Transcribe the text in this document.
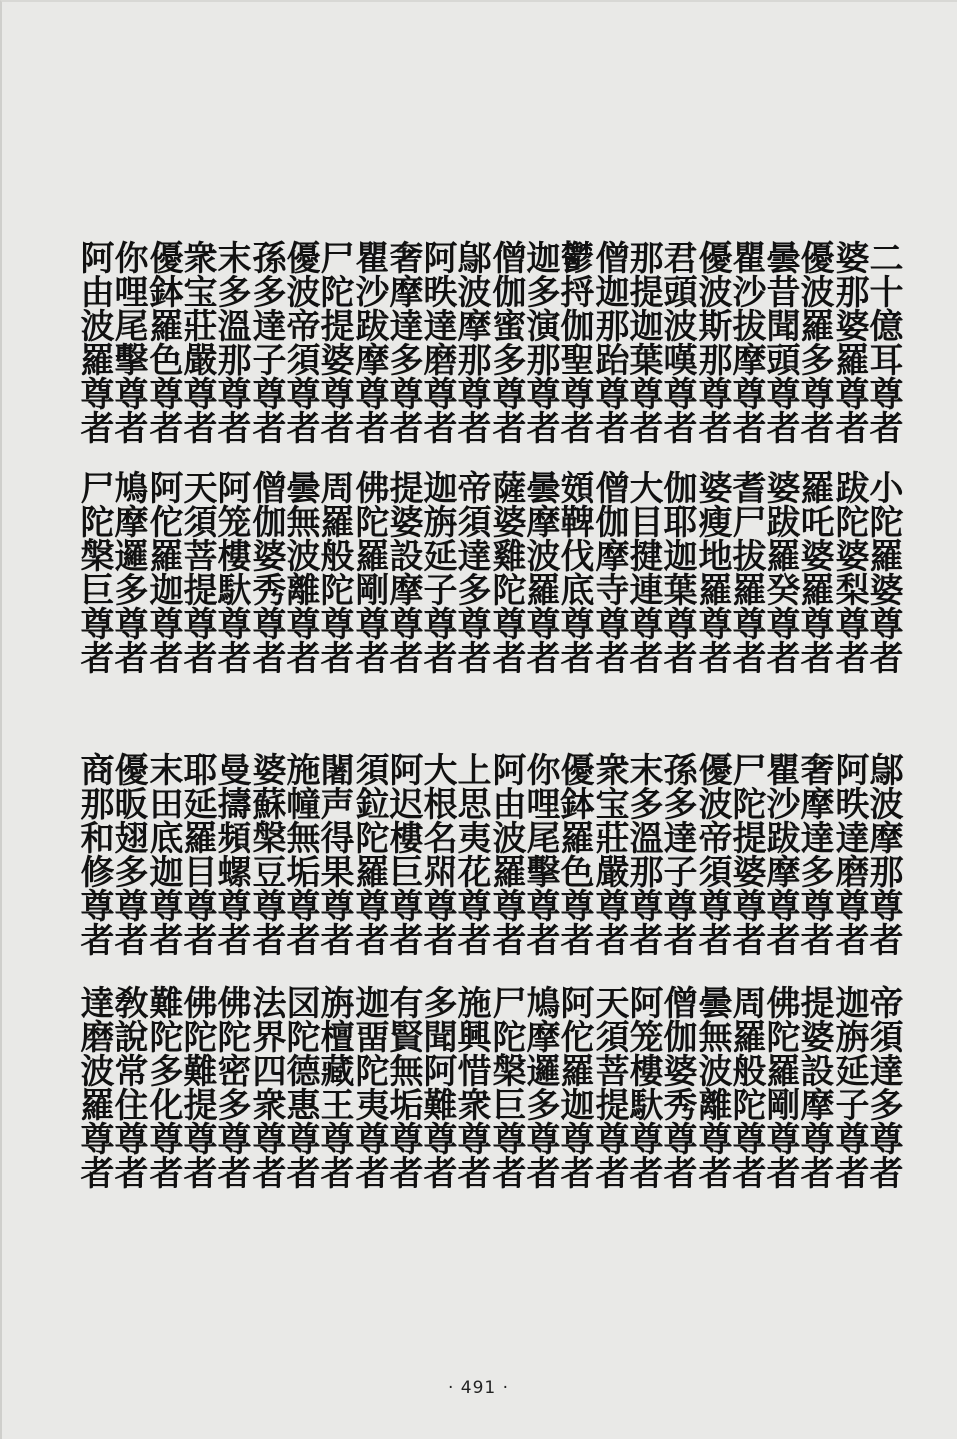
二十億耳尊者
婆那婆羅尊者
優波羅多尊者
曇昔聞頭尊者
瞿沙拔摩尊者
優波斯那尊者
君頭波嘆尊者
那提迦葉尊者
僧迦那跆尊者
鬱捋伽聖尊者
迦多演那尊者
僧伽蜜多尊者
鄔波摩那尊者
阿昳達磨尊者
奢摩達多尊者
瞿沙跋摩尊者
尸陀提婆尊者
優波帝須尊者
孫多達子尊者
末多溫那尊者
衆宝莊嚴尊者
優鉢羅色尊者
你哩尾擊尊者
阿由波羅尊者
小陀羅婆尊者
跋陀婆梨尊者
羅吒婆羅尊者
婆跋羅癸尊者
耆尸拔羅尊者
婆瘦地羅尊者
伽耶迦葉尊者
大目揵連尊者
僧伽摩寺尊者
頞鞞伐底尊者
曇摩波羅尊者
薩婆雞陀尊者
帝須達多尊者
迦旃延子尊者
提婆設摩尊者
佛陀羅剛尊者
周羅般陀尊者
曇無波離尊者
僧伽婆秀尊者
阿笼樓馱尊者
天須菩提尊者
阿佗羅迦尊者
鳩摩邏多尊者
尸陀槃巨尊者
鄔波摩那尊者
阿昳達磨尊者
奢摩達多尊者
瞿沙跋摩尊者
尸陀提婆尊者
優波帝須尊者
孫多達子尊者
末多溫那尊者
衆宝莊嚴尊者
優鉢羅色尊者
你哩尾擊尊者
阿由波羅尊者
上思夷花尊者
大根名喌尊者
阿迟樓巨尊者
須鉝陀羅尊者
闍声得果尊者
施幢無垢尊者
婆蘇槃豆尊者
曼擣頻螺尊者
耶延羅目尊者
末田底迦尊者
優昄翅多尊者
商那和修尊者
帝須達多尊者
迦旃延子尊者
提婆設摩尊者
佛陀羅剛尊者
周羅般陀尊者
曇無波離尊者
僧伽婆秀尊者
阿笼樓馱尊者
天須菩提尊者
阿佗羅迦尊者
鳩摩邏多尊者
尸陀槃巨尊者
施興惜衆尊者
多聞阿難尊者
有賢無垢尊者
迦畱陀夷尊者
旃檀藏王尊者
㘝陀德惠尊者
法界四衆尊者
佛陀密多尊者
佛陀難提尊者
難陀多化尊者
敎說常住尊者
達磨波羅尊者
· 491 ·
